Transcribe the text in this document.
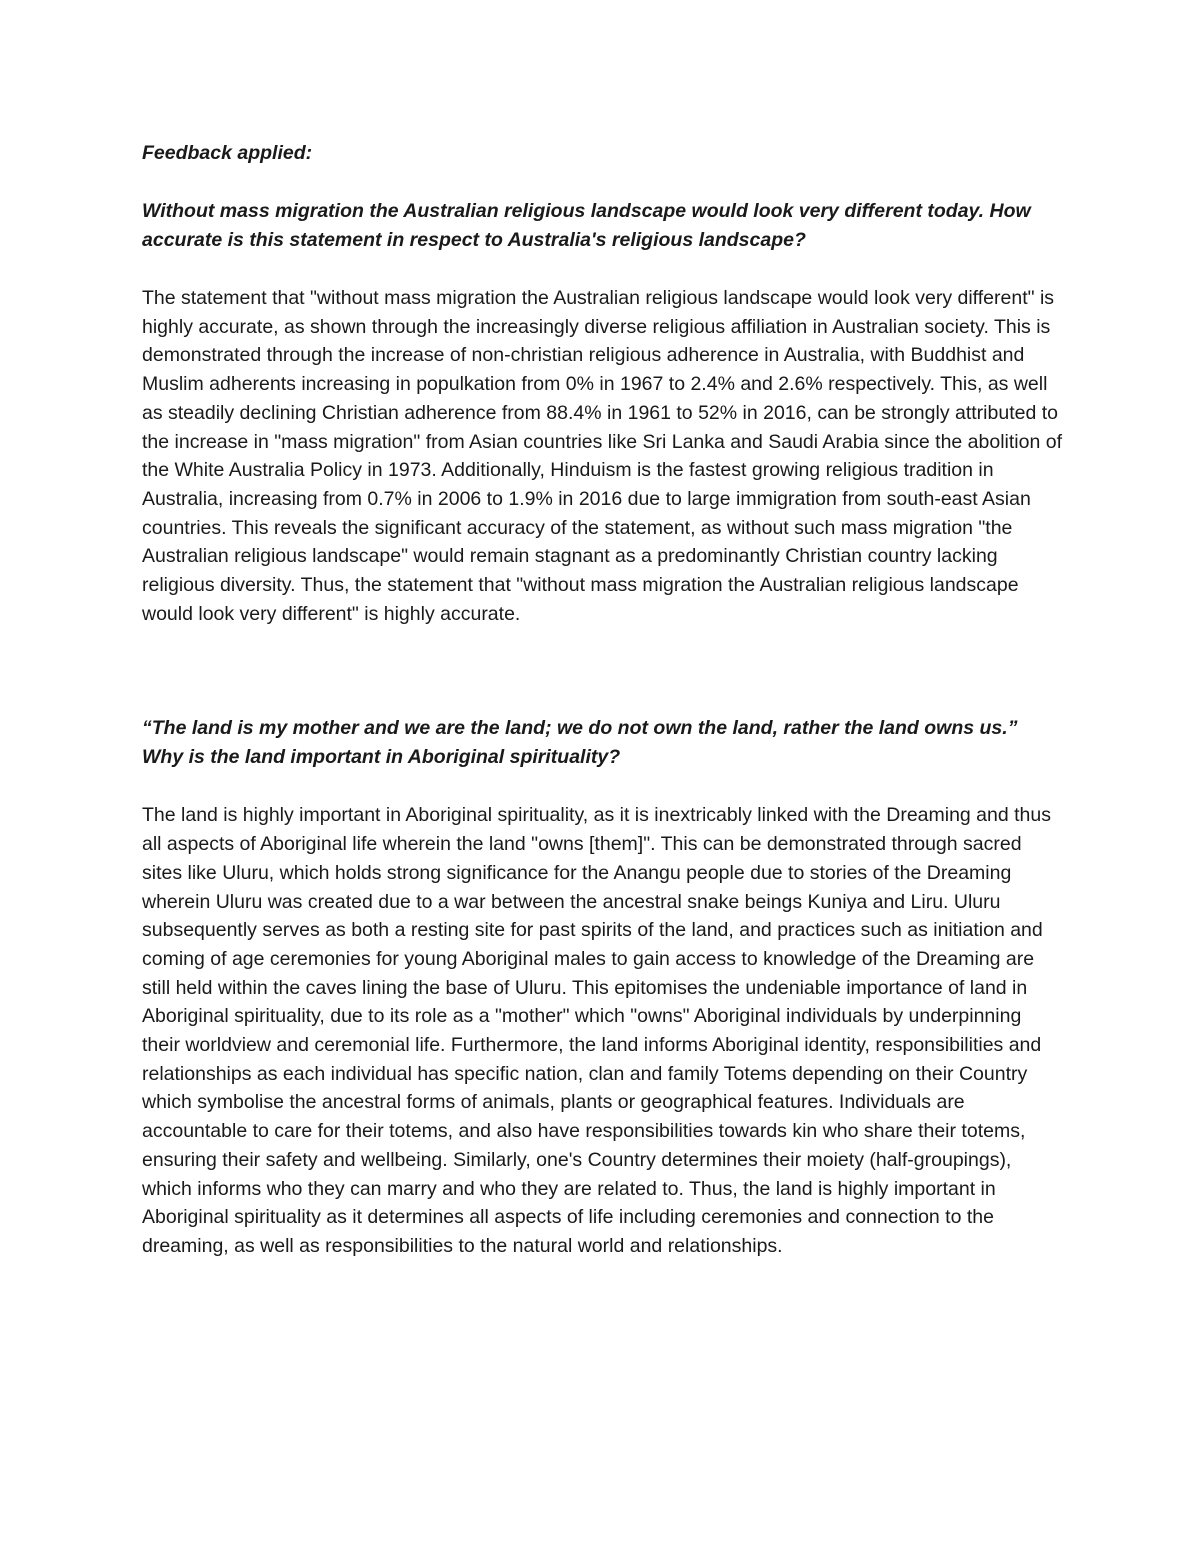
Feedback applied:

Without mass migration the Australian religious landscape would look very different today. How accurate is this statement in respect to Australia's religious landscape?

The statement that "without mass migration the Australian religious landscape would look very different" is highly accurate, as shown through the increasingly diverse religious affiliation in Australian society. This is demonstrated through the increase of non-christian religious adherence in Australia, with Buddhist and Muslim adherents increasing in populkation from 0% in 1967 to 2.4% and 2.6% respectively. This, as well as steadily declining Christian adherence from 88.4% in 1961 to 52% in 2016, can be strongly attributed to the increase in "mass migration" from Asian countries like Sri Lanka and Saudi Arabia since the abolition of the White Australia Policy in 1973. Additionally, Hinduism is the fastest growing religious tradition in Australia, increasing from 0.7% in 2006 to 1.9% in 2016 due to large immigration from south-east Asian countries. This reveals the significant accuracy of the statement, as without such mass migration "the Australian religious landscape" would remain stagnant as a predominantly Christian country lacking religious diversity. Thus, the statement that "without mass migration the Australian religious landscape would look very different" is highly accurate.

“The land is my mother and we are the land; we do not own the land, rather the land owns us.”

Why is the land important in Aboriginal spirituality?

The land is highly important in Aboriginal spirituality, as it is inextricably linked with the Dreaming and thus all aspects of Aboriginal life wherein the land "owns [them]". This can be demonstrated through sacred sites like Uluru, which holds strong significance for the Anangu people due to stories of the Dreaming wherein Uluru was created due to a war between the ancestral snake beings Kuniya and Liru. Uluru subsequently serves as both a resting site for past spirits of the land, and practices such as initiation and coming of age ceremonies for young Aboriginal males to gain access to knowledge of the Dreaming are still held within the caves lining the base of Uluru. This epitomises the undeniable importance of land in Aboriginal spirituality, due to its role as a "mother" which "owns" Aboriginal individuals by underpinning their worldview and ceremonial life. Furthermore, the land informs Aboriginal identity, responsibilities and relationships as each individual has specific nation, clan and family Totems depending on their Country which symbolise the ancestral forms of animals, plants or geographical features. Individuals are accountable to care for their totems, and also have responsibilities towards kin who share their totems, ensuring their safety and wellbeing. Similarly, one's Country determines their moiety (half-groupings), which informs who they can marry and who they are related to. Thus, the land is highly important in Aboriginal spirituality as it determines all aspects of life including ceremonies and connection to the dreaming, as well as responsibilities to the natural world and relationships.
